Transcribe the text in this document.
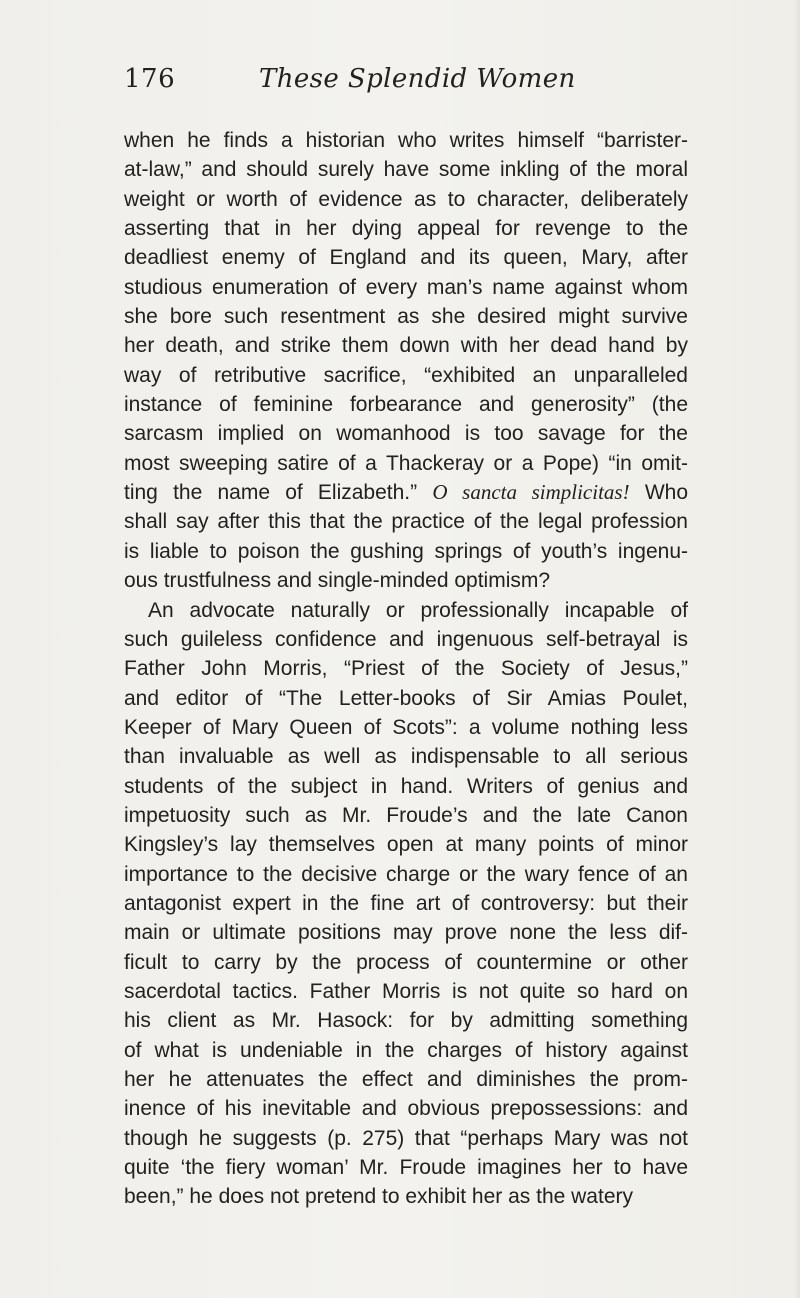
176	These Splendid Women
when he finds a historian who writes himself “barrister-
at-law,” and should surely have some inkling of the moral
weight or worth of evidence as to character, deliberately
asserting that in her dying appeal for revenge to the
deadliest enemy of England and its queen, Mary, after
studious enumeration of every man’s name against whom
she bore such resentment as she desired might survive
her death, and strike them down with her dead hand by
way of retributive sacrifice, “exhibited an unparalleled
instance of feminine forbearance and generosity” (the
sarcasm implied on womanhood is too savage for the
most sweeping satire of a Thackeray or a Pope) “in omit-
ting the name of Elizabeth.” O sancta simplicitas! Who
shall say after this that the practice of the legal profession
is liable to poison the gushing springs of youth’s ingenu-
ous trustfulness and single-minded optimism?
An advocate naturally or professionally incapable of
such guileless confidence and ingenuous self-betrayal is
Father John Morris, “Priest of the Society of Jesus,”
and editor of “The Letter-books of Sir Amias Poulet,
Keeper of Mary Queen of Scots”: a volume nothing less
than invaluable as well as indispensable to all serious
students of the subject in hand. Writers of genius and
impetuosity such as Mr. Froude’s and the late Canon
Kingsley’s lay themselves open at many points of minor
importance to the decisive charge or the wary fence of an
antagonist expert in the fine art of controversy: but their
main or ultimate positions may prove none the less dif-
ficult to carry by the process of countermine or other
sacerdotal tactics. Father Morris is not quite so hard on
his client as Mr. Hasock: for by admitting something
of what is undeniable in the charges of history against
her he attenuates the effect and diminishes the prom-
inence of his inevitable and obvious prepossessions: and
though he suggests (p. 275) that “perhaps Mary was not
quite ‘the fiery woman’ Mr. Froude imagines her to have
been,” he does not pretend to exhibit her as the watery
